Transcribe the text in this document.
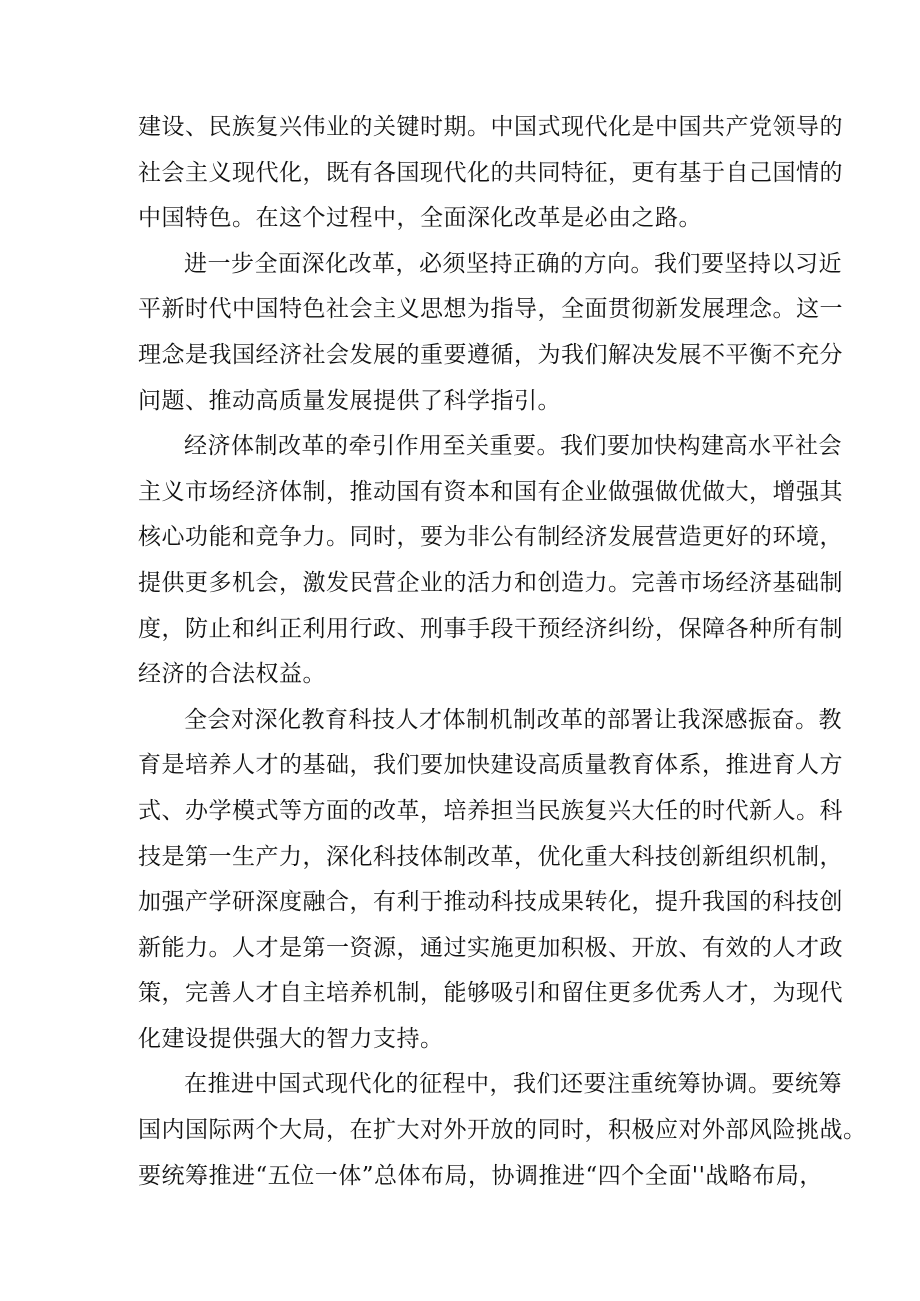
建设、民族复兴伟业的关键时期。中国式现代化是中国共产党领导的
社会主义现代化，既有各国现代化的共同特征，更有基于自己国情的
中国特色。在这个过程中，全面深化改革是必由之路。
进一步全面深化改革，必须坚持正确的方向。我们要坚持以习近
平新时代中国特色社会主义思想为指导，全面贯彻新发展理念。这一
理念是我国经济社会发展的重要遵循，为我们解决发展不平衡不充分
问题、推动高质量发展提供了科学指引。
经济体制改革的牵引作用至关重要。我们要加快构建高水平社会
主义市场经济体制，推动国有资本和国有企业做强做优做大，增强其
核心功能和竞争力。同时，要为非公有制经济发展营造更好的环境，
提供更多机会，激发民营企业的活力和创造力。完善市场经济基础制
度，防止和纠正利用行政、刑事手段干预经济纠纷，保障各种所有制
经济的合法权益。
全会对深化教育科技人才体制机制改革的部署让我深感振奋。教
育是培养人才的基础，我们要加快建设高质量教育体系，推进育人方
式、办学模式等方面的改革，培养担当民族复兴大任的时代新人。科
技是第一生产力，深化科技体制改革，优化重大科技创新组织机制，
加强产学研深度融合，有利于推动科技成果转化，提升我国的科技创
新能力。人才是第一资源，通过实施更加积极、开放、有效的人才政
策，完善人才自主培养机制，能够吸引和留住更多优秀人才，为现代
化建设提供强大的智力支持。
在推进中国式现代化的征程中，我们还要注重统筹协调。要统筹
国内国际两个大局，在扩大对外开放的同时，积极应对外部风险挑战。
要统筹推进“五位一体”总体布局，协调推进“四个全面''战略布局，
